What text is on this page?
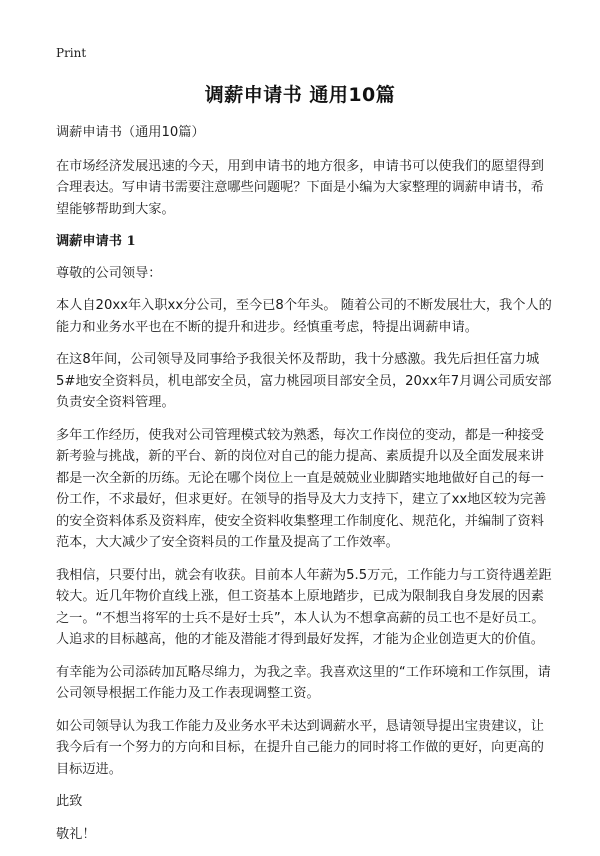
Print
调薪申请书 通用10篇

调薪申请书（通用10篇）

在市场经济发展迅速的今天，用到申请书的地方很多，申请书可以使我们的愿望得到合理表达。写申请书需要注意哪些问题呢？下面是小编为大家整理的调薪申请书，希望能够帮助到大家。

调薪申请书 1

尊敬的公司领导：

本人自20xx年入职xx分公司，至今已8个年头。 随着公司的不断发展壮大，我个人的能力和业务水平也在不断的提升和进步。经慎重考虑，特提出调薪申请。

在这8年间，公司领导及同事给予我很关怀及帮助，我十分感激。我先后担任富力城5#地安全资料员，机电部安全员，富力桃园项目部安全员，20xx年7月调公司质安部负责安全资料管理。

多年工作经历，使我对公司管理模式较为熟悉，每次工作岗位的变动，都是一种接受新考验与挑战，新的平台、新的岗位对自己的能力提高、素质提升以及全面发展来讲都是一次全新的历练。无论在哪个岗位上一直是兢兢业业脚踏实地地做好自己的每一份工作，不求最好，但求更好。在领导的指导及大力支持下，建立了xx地区较为完善的安全资料体系及资料库，使安全资料收集整理工作制度化、规范化，并编制了资料范本，大大减少了安全资料员的工作量及提高了工作效率。

我相信，只要付出，就会有收获。目前本人年薪为5.5万元，工作能力与工资待遇差距较大。近几年物价直线上涨，但工资基本上原地踏步，已成为限制我自身发展的因素之一。“不想当将军的士兵不是好士兵”，本人认为不想拿高薪的员工也不是好员工。人追求的目标越高，他的才能及潜能才得到最好发挥，才能为企业创造更大的价值。

有幸能为公司添砖加瓦略尽绵力，为我之幸。我喜欢这里的“工作环境和工作氛围，请公司领导根据工作能力及工作表现调整工资。

如公司领导认为我工作能力及业务水平未达到调薪水平，恳请领导提出宝贵建议，让我今后有一个努力的方向和目标，在提升自己能力的同时将工作做的更好，向更高的目标迈进。

此致

敬礼！
